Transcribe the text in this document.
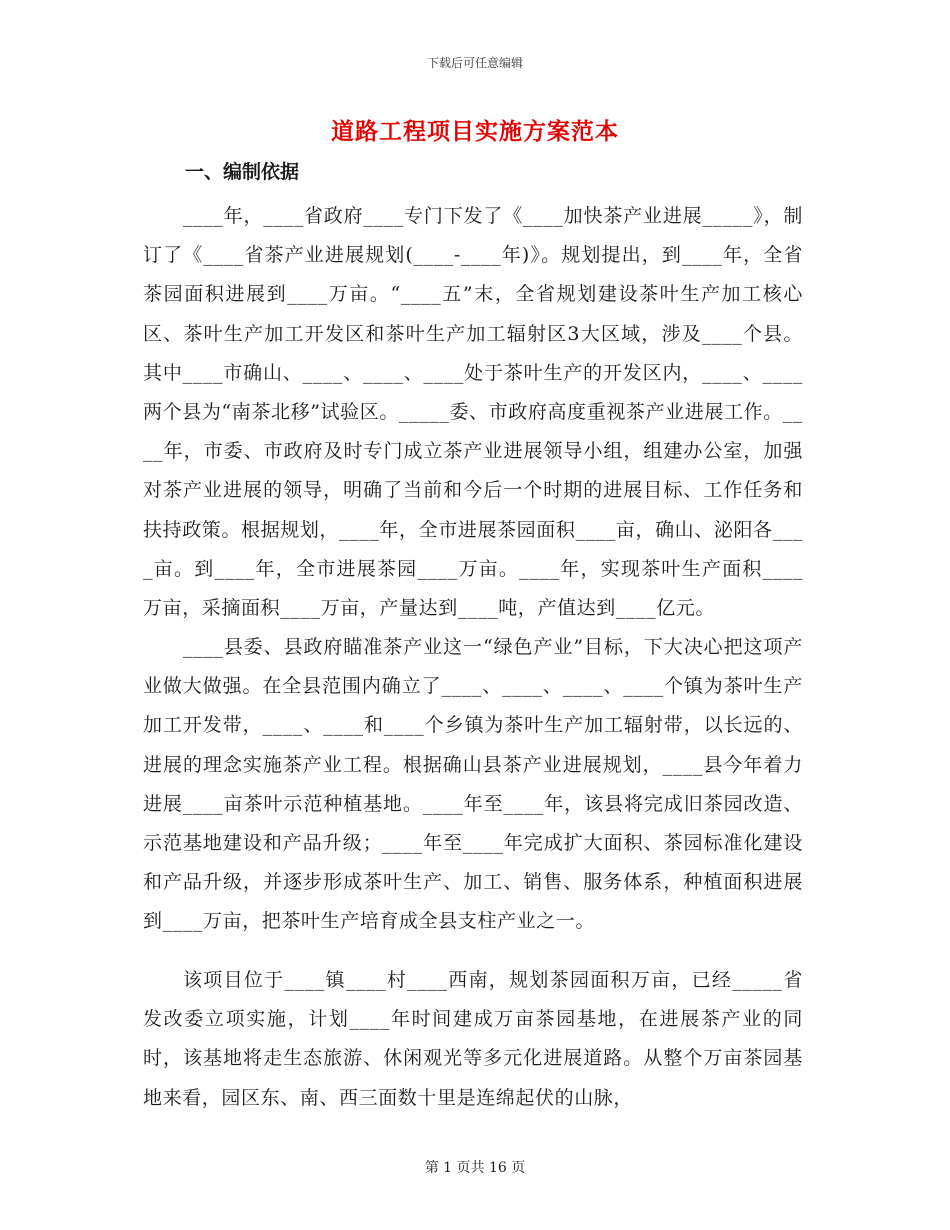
下载后可任意编辑
道路工程项目实施方案范本
一、编制依据

____年，____省政府____专门下发了《____加快茶产业进展_____》，制订了《____省茶产业进展规划(____-____年)》。规划提出，到____年，全省茶园面积进展到____万亩。“____五”末，全省规划建设茶叶生产加工核心区、茶叶生产加工开发区和茶叶生产加工辐射区3大区域，涉及____个县。其中____市确山、____、____、____处于茶叶生产的开发区内，____、____两个县为“南茶北移”试验区。_____委、市政府高度重视茶产业进展工作。____年，市委、市政府及时专门成立茶产业进展领导小组，组建办公室，加强对茶产业进展的领导，明确了当前和今后一个时期的进展目标、工作任务和扶持政策。根据规划，____年，全市进展茶园面积____亩，确山、泌阳各____亩。到____年，全市进展茶园____万亩。____年，实现茶叶生产面积____万亩，采摘面积____万亩，产量达到____吨，产值达到____亿元。

____县委、县政府瞄准茶产业这一“绿色产业”目标，下大决心把这项产业做大做强。在全县范围内确立了____、____、____、____个镇为茶叶生产加工开发带，____、____和____个乡镇为茶叶生产加工辐射带，以长远的、进展的理念实施茶产业工程。根据确山县茶产业进展规划，____县今年着力进展____亩茶叶示范种植基地。____年至____年，该县将完成旧茶园改造、示范基地建设和产品升级；____年至____年完成扩大面积、茶园标准化建设和产品升级，并逐步形成茶叶生产、加工、销售、服务体系，种植面积进展到____万亩，把茶叶生产培育成全县支柱产业之一。

该项目位于____镇____村____西南，规划茶园面积万亩，已经_____省发改委立项实施，计划____年时间建成万亩茶园基地，在进展茶产业的同时，该基地将走生态旅游、休闲观光等多元化进展道路。从整个万亩茶园基地来看，园区东、南、西三面数十里是连绵起伏的山脉，

第 1 页共 16 页
